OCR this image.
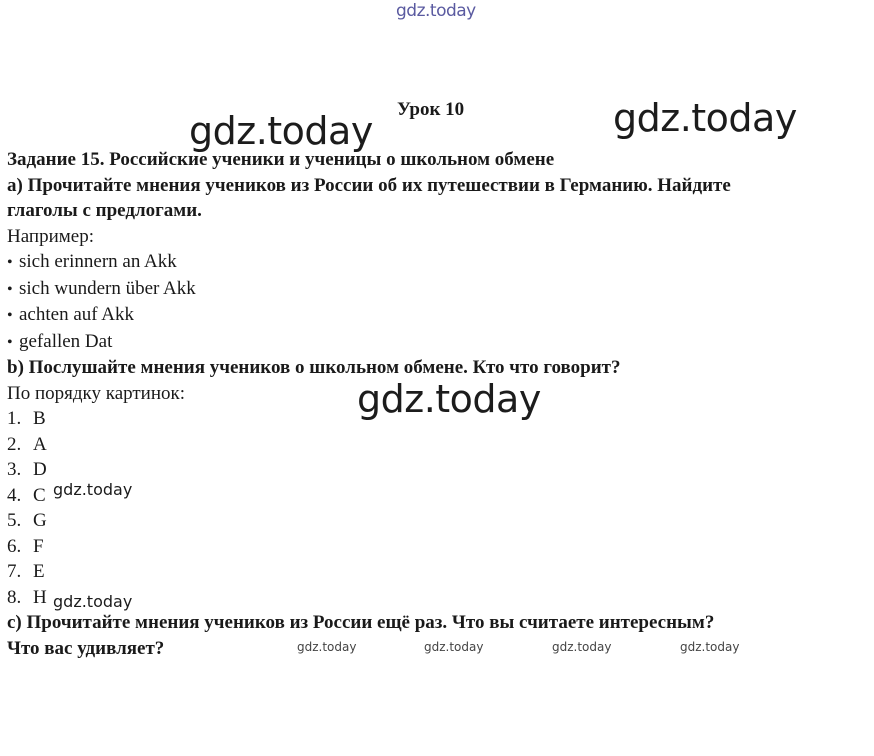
gdz.today
gdz.today	gdz.today
gdz.today
gdz.today
gdz.today
gdz.today	gdz.today	gdz.today	gdz.today
Урок 10
Задание 15. Российские ученики и ученицы о школьном обмене
а) Прочитайте мнения учеников из России об их путешествии в Германию. Найдите
глаголы с предлогами.
Например:
• sich erinnern an Akk
• sich wundern über Akk
• achten auf Akk
• gefallen Dat
b) Послушайте мнения учеников о школьном обмене. Кто что говорит?
По порядку картинок:
1. B
2. A
3. D
4. C
5. G
6. F
7. E
8. H
c) Прочитайте мнения учеников из России ещё раз. Что вы считаете интересным?
Что вас удивляет?
